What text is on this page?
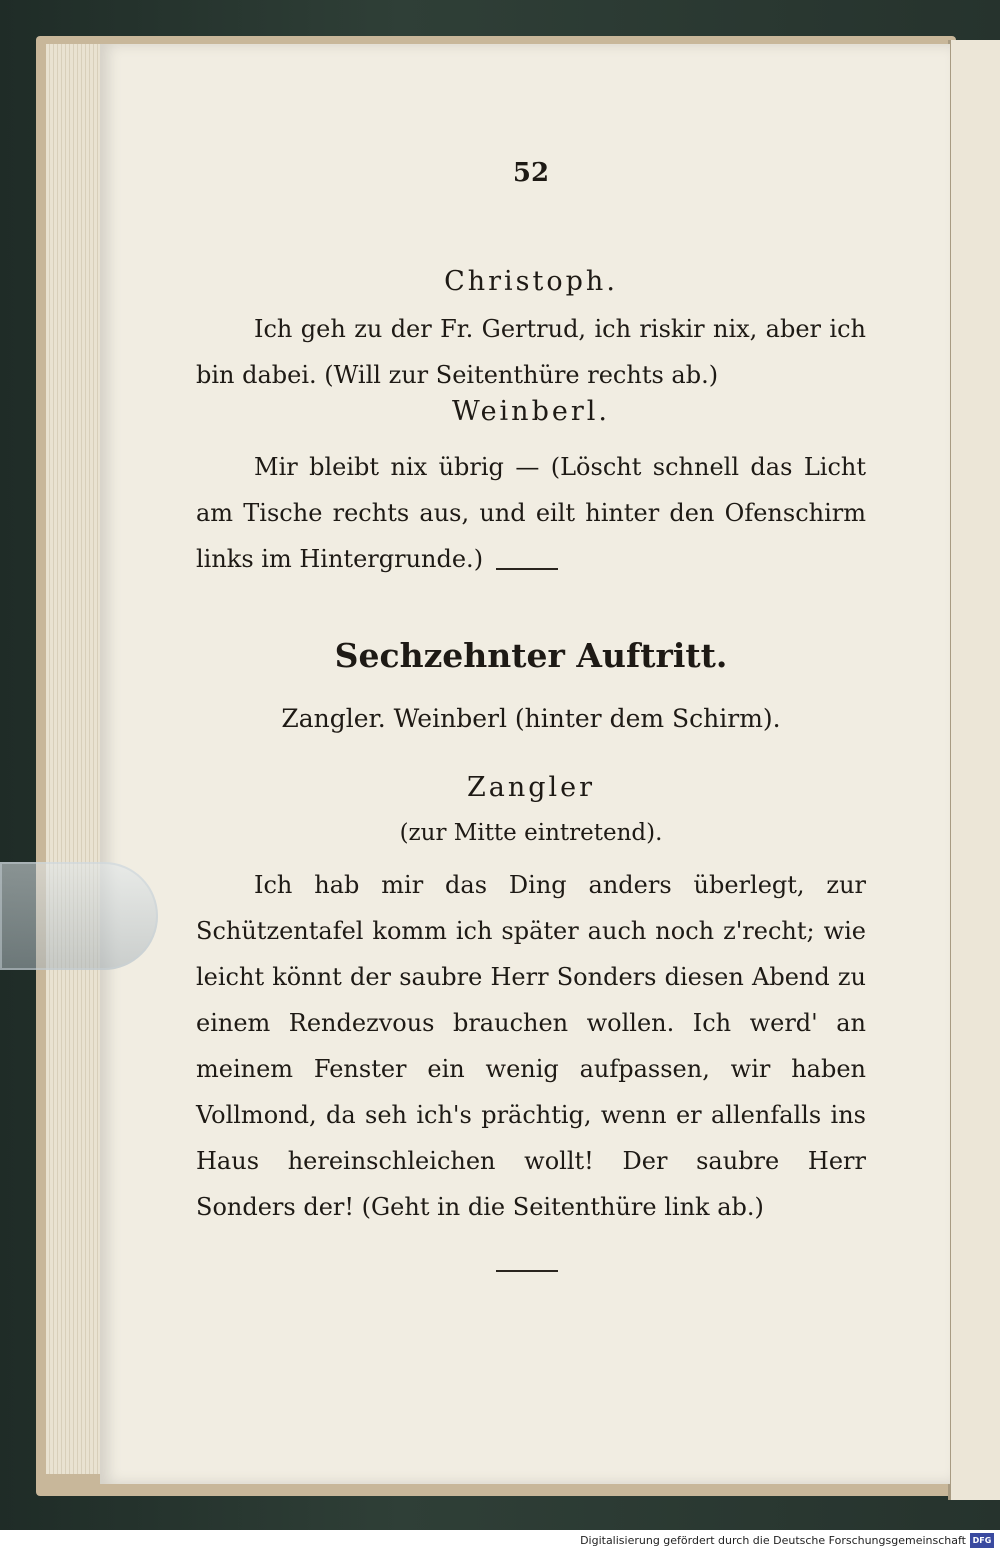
52
Christoph.
Ich geh zu der Fr. Gertrud, ich riskir nix, aber ich bin dabei. (Will zur Seitenthüre rechts ab.)
Weinberl.
Mir bleibt nix übrig — (Löscht schnell das Licht am Tische rechts aus, und eilt hinter den Ofenschirm links im Hintergrunde.)
Sechzehnter Auftritt.
Zangler. Weinberl (hinter dem Schirm).
Zangler
(zur Mitte eintretend).
Ich hab mir das Ding anders überlegt, zur Schützentafel komm ich später auch noch z'recht; wie leicht könnt der saubre Herr Sonders diesen Abend zu einem Rendezvous brauchen wollen. Ich werd' an meinem Fenster ein wenig aufpassen, wir haben Vollmond, da seh ich's prächtig, wenn er allenfalls ins Haus hereinschleichen wollt! Der saubre Herr Sonders der! (Geht in die Seitenthüre link ab.)
Digitalisierung gefördert durch die Deutsche Forschungsgemeinschaft DFG
